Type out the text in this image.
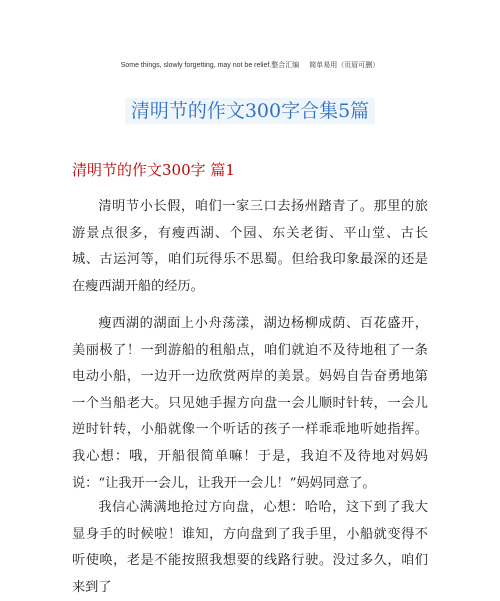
Some things, slowly forgetting, may not be relief.整合汇编 简单易用（页眉可删）
清明节的作文300字合集5篇
清明节的作文300字 篇1

清明节小长假，咱们一家三口去扬州踏青了。那里的旅游景点很多，有瘦西湖、个园、东关老街、平山堂、古长城、古运河等，咱们玩得乐不思蜀。但给我印象最深的还是在瘦西湖开船的经历。

瘦西湖的湖面上小舟荡漾，湖边杨柳成荫、百花盛开，美丽极了！一到游船的租船点，咱们就迫不及待地租了一条电动小船，一边开一边欣赏两岸的美景。妈妈自告奋勇地第一个当船老大。只见她手握方向盘一会儿顺时针转，一会儿逆时针转，小船就像一个听话的孩子一样乖乖地听她指挥。我心想：哦，开船很简单嘛！于是，我迫不及待地对妈妈说：“让我开一会儿，让我开一会儿！”妈妈同意了。

我信心满满地抢过方向盘，心想：哈哈，这下到了我大显身手的时候啦！谁知，方向盘到了我手里，小船就变得不听使唤，老是不能按照我想要的线路行驶。没过多久，咱们来到了
